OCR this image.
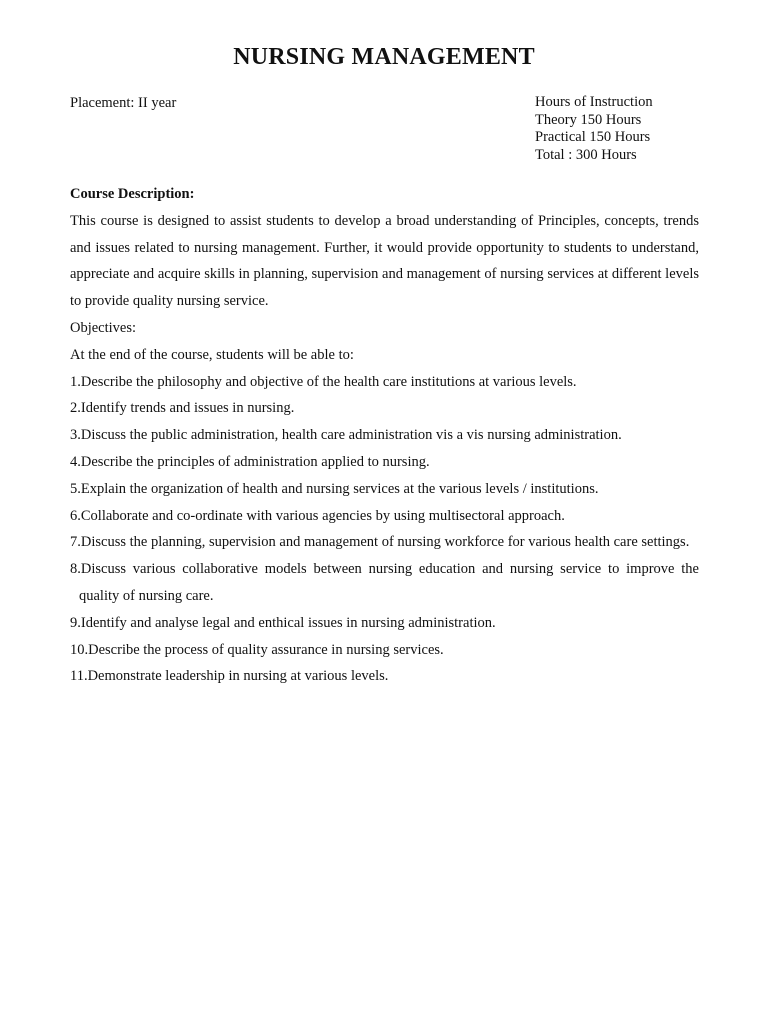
NURSING MANAGEMENT
Placement: II year	Hours of Instruction
Theory 150 Hours
Practical 150 Hours
Total : 300 Hours
Course Description:
This course is designed to assist students to develop a broad understanding of Principles, concepts, trends and issues related to nursing management. Further, it would provide opportunity to students to understand, appreciate and acquire skills in planning, supervision and management of nursing services at different levels to provide quality nursing service.
Objectives:
At the end of the course, students will be able to:
1.Describe the philosophy and objective of the health care institutions at various levels.
2.Identify trends and issues in nursing.
3.Discuss the public administration, health care administration vis a vis nursing administration.
4.Describe the principles of administration applied to nursing.
5.Explain the organization of health and nursing services at the various levels / institutions.
6.Collaborate and co-ordinate with various agencies by using multisectoral approach.
7.Discuss the planning, supervision and management of nursing workforce for various health care settings.
8.Discuss various collaborative models between nursing education and nursing service to improve the quality of nursing care.
9.Identify and analyse legal and enthical issues in nursing administration.
10.Describe the process of quality assurance in nursing services.
11.Demonstrate leadership in nursing at various levels.
